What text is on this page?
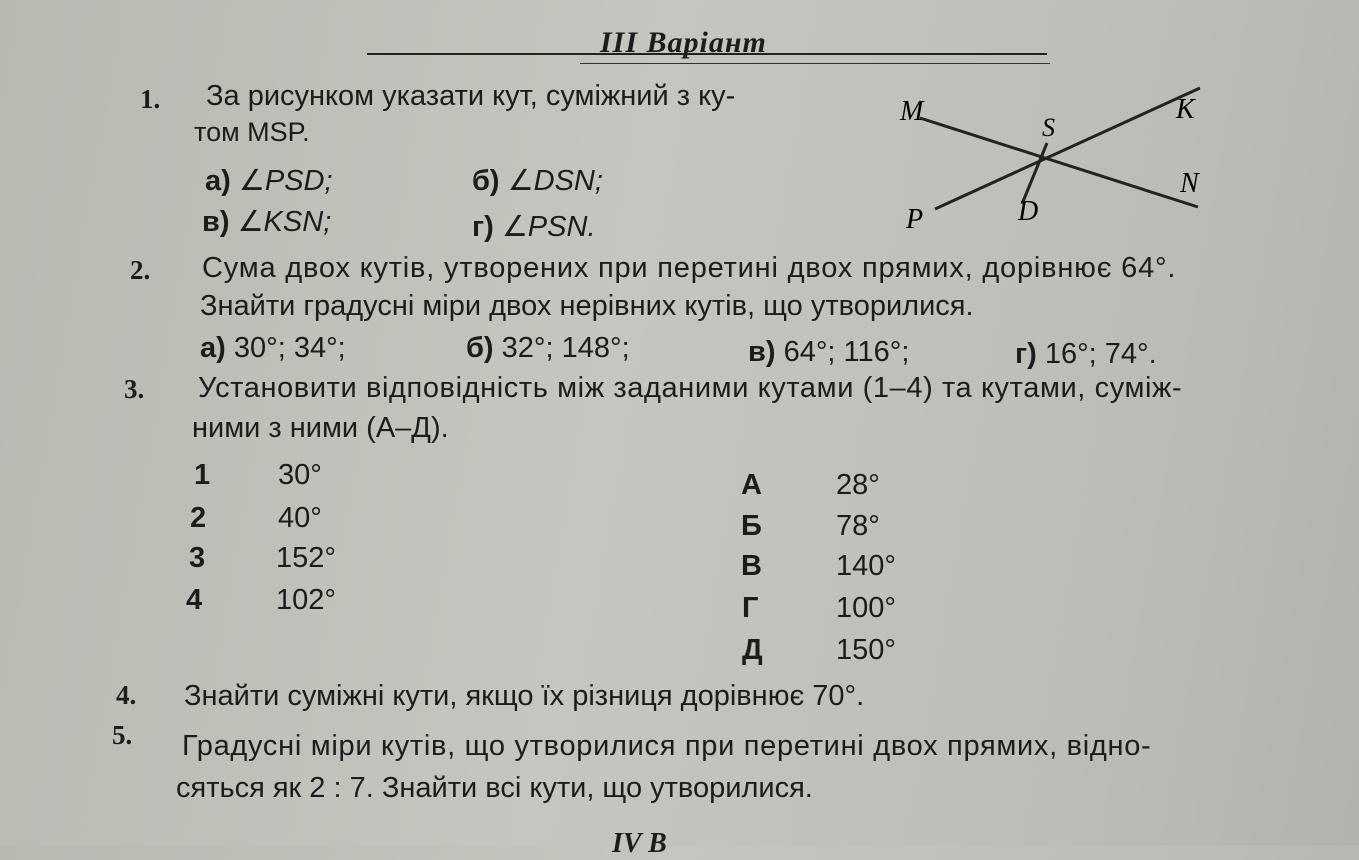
ІІІ Варіант
M
S
K
N
P	D
1. За рисунком указати кут, суміжний з ку-
том MSP.
а) ∠PSD;	б) ∠DSN;
в) ∠KSN;	г) ∠PSN.
2. Сума двох кутів, утворених при перетині двох прямих, дорівнює 64°.
Знайти градусні міри двох нерівних кутів, що утворилися.
а) 30°; 34°;	б) 32°; 148°;	в) 64°; 116°;	г) 16°; 74°.
3. Установити відповідність між заданими кутами (1–4) та кутами, суміж-
ними з ними (А–Д).
1 30°
2 40°
3 152°
4	102°
А	28°
Б	78°
В	140°
Г	100°
Д	150°
4. Знайти суміжні кути, якщо їх різниця дорівнює 70°.
5. Градусні міри кутів, що утворилися при перетині двох прямих, відно-
сяться як 2 : 7. Знайти всі кути, що утворилися.
IV В
